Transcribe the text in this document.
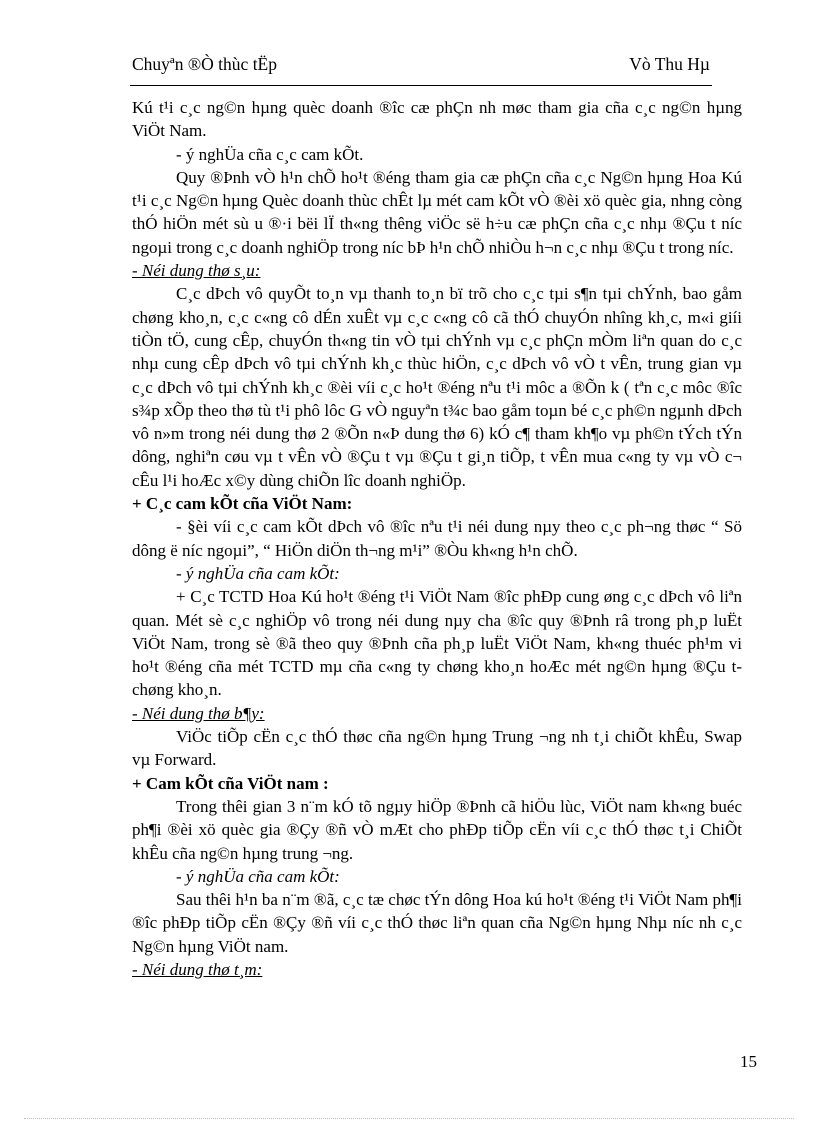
Chuyªn ®Ò thùc tËp	Vò Thu Hµ

Kú t¹i c¸c ng©n hµng quèc doanh ®îc cæ phÇn nh møc tham gia cña c¸c ng©n hµng ViÖt Nam.

- ý nghÜa cña c¸c cam kÕt.

Quy ®Þnh vÒ h¹n chÕ ho¹t ®éng tham gia cæ phÇn cña c¸c Ng©n hµng Hoa Kú t¹i c¸c Ng©n hµng Quèc doanh thùc chÊt lµ mét cam kÕt vÒ ®èi xö quèc gia, nhng còng thÓ hiÖn mét sù u ®·i bëi lÏ th«ng thêng viÖc së h÷u cæ phÇn cña c¸c nhµ ®Çu t níc ngoµi trong c¸c doanh nghiÖp trong níc bÞ h¹n chÕ nhiÒu h¬n c¸c nhµ ®Çu t trong níc.

- Néi dung thø s¸u:

C¸c dÞch vô quyÕt to¸n vµ thanh to¸n bï trõ cho c¸c tµi s¶n tµi chÝnh, bao gåm chøng kho¸n, c¸c c«ng cô dÉn xuÊt vµ c¸c c«ng cô cã thÓ chuyÓn nhîng kh¸c, m«i giíi tiÒn tÖ, cung cÊp, chuyÓn th«ng tin vÒ tµi chÝnh vµ c¸c phÇn mÒm liªn quan do c¸c nhµ cung cÊp dÞch vô tµi chÝnh kh¸c thùc hiÖn, c¸c dÞch vô vÒ t vÊn, trung gian vµ c¸c dÞch vô tµi chÝnh kh¸c ®èi víi c¸c ho¹t ®éng nªu t¹i môc a ®Õn k ( tªn c¸c môc ®îc s¾p xÕp theo thø tù t¹i phô lôc G vÒ nguyªn t¾c bao gåm toµn bé c¸c ph©n ngµnh dÞch vô n»m trong néi dung thø 2 ®Õn n«Þ dung thø 6) kÓ c¶ tham kh¶o vµ ph©n tÝch tÝn dông, nghiªn cøu vµ t vÊn vÒ ®Çu t vµ ®Çu t gi¸n tiÕp, t vÊn mua c«ng ty vµ vÒ c¬ cÊu l¹i hoÆc x©y dùng chiÕn lîc doanh nghiÖp.

+ C¸c cam kÕt cña ViÖt Nam:

- §èi víi c¸c cam kÕt dÞch vô ®îc nªu t¹i néi dung nµy theo c¸c ph¬ng thøc “ Sö dông ë níc ngoµi”, “ HiÖn diÖn th¬ng m¹i” ®Òu kh«ng h¹n chÕ.

- ý nghÜa cña cam kÕt:

+ C¸c TCTD Hoa Kú ho¹t ®éng t¹i ViÖt Nam ®îc phÐp cung øng c¸c dÞch vô liªn quan. Mét sè c¸c nghiÖp vô trong néi dung nµy cha ®îc quy ®Þnh râ trong ph¸p luËt ViÖt Nam, trong sè ®ã theo quy ®Þnh cña ph¸p luËt ViÖt Nam, kh«ng thuéc ph¹m vi ho¹t ®éng cña mét TCTD mµ cña c«ng ty chøng kho¸n hoÆc mét ng©n hµng ®Çu t chøng kho¸n.

- Néi dung thø b¶y:

ViÖc tiÕp cËn c¸c thÓ thøc cña ng©n hµng Trung ¬ng nh t¸i chiÕt khÊu, Swap vµ Forward.

+ Cam kÕt cña ViÖt nam :

Trong thêi gian 3 n¨m kÓ tõ ngµy hiÖp ®Þnh cã hiÖu lùc, ViÖt nam kh«ng buéc ph¶i ®èi xö quèc gia ®Çy ®ñ vÒ mÆt cho phÐp tiÕp cËn víi c¸c thÓ thøc t¸i ChiÕt khÊu cña ng©n hµng trung ¬ng.

- ý nghÜa cña cam kÕt:

Sau thêi h¹n ba n¨m ®ã, c¸c tæ chøc tÝn dông Hoa kú ho¹t ®éng t¹i ViÖt Nam ph¶i ®îc phÐp tiÕp cËn ®Çy ®ñ víi c¸c thÓ thøc liªn quan cña Ng©n hµng Nhµ níc nh c¸c Ng©n hµng ViÖt nam.

- Néi dung thø t¸m:

15
